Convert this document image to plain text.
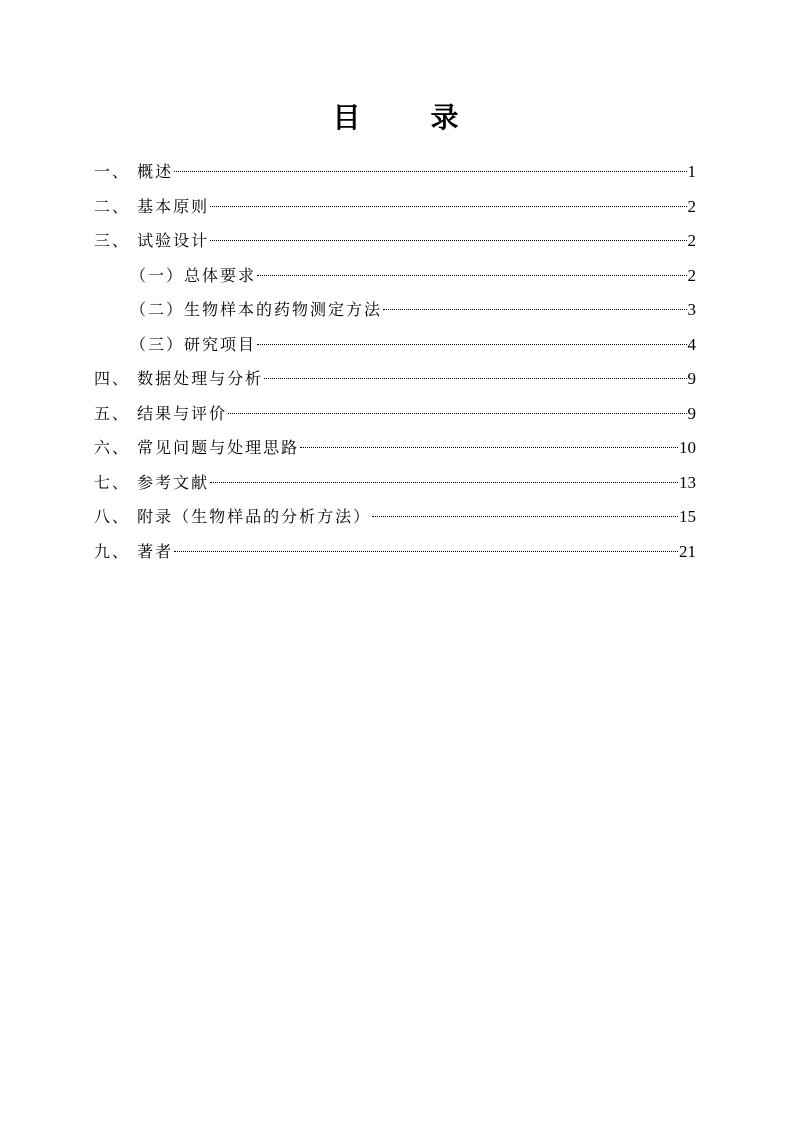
目 录
一、 概述	1
二、 基本原则	2
三、 试验设计	2
（一）总体要求	2
（二）生物样本的药物测定方法	3
（三）研究项目	4
四、 数据处理与分析	9
五、 结果与评价	9
六、 常见问题与处理思路	10
七、 参考文献	13
八、 附录（生物样品的分析方法）	15
九、 著者	21
